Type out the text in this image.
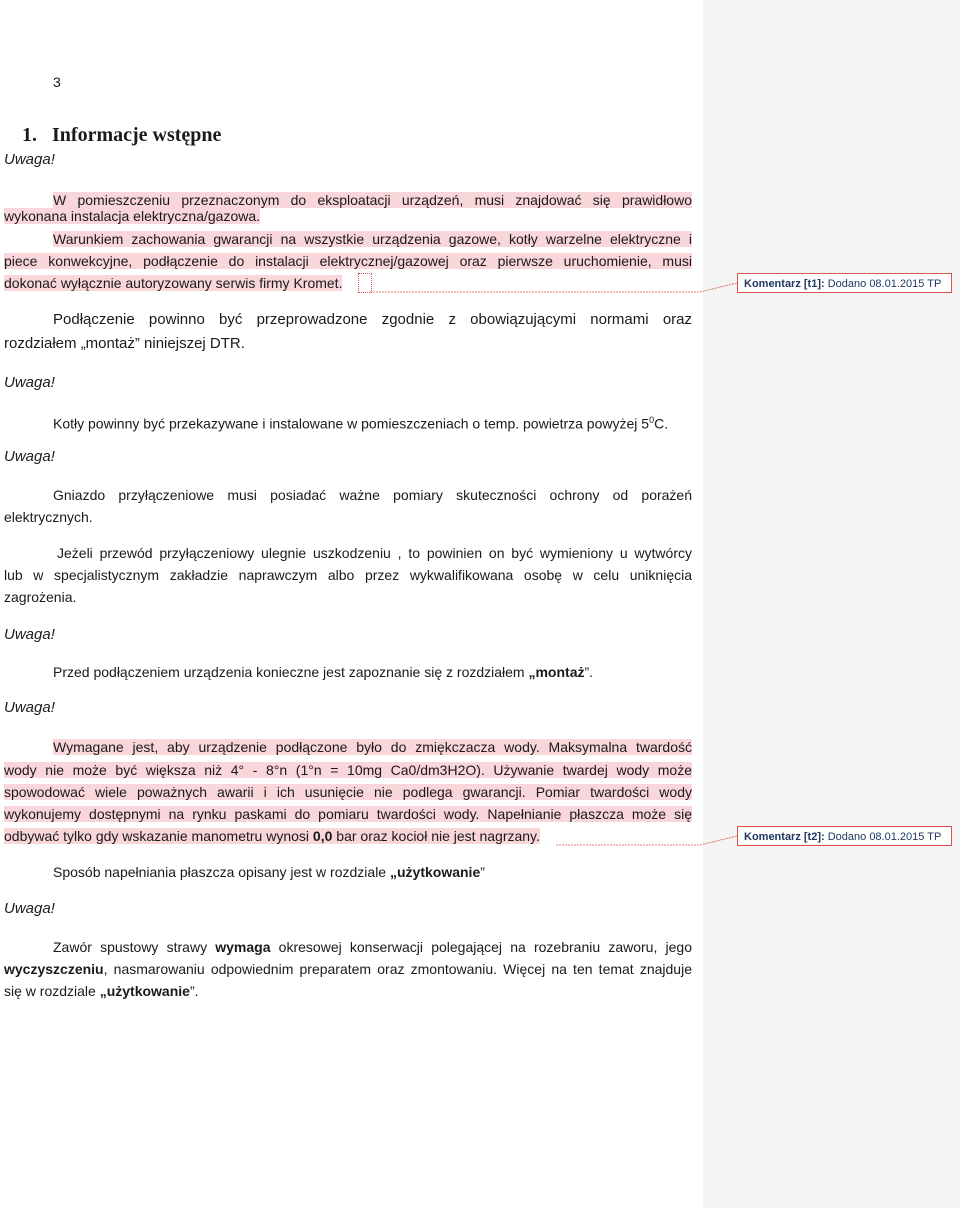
3
1.   Informacje wstępne
Uwaga!
W pomieszczeniu przeznaczonym do eksploatacji urządzeń, musi znajdować się prawidłowo
wykonana instalacja elektryczna/gazowa.
Warunkiem zachowania gwarancji na wszystkie urządzenia gazowe, kotły warzelne elektryczne i
piece konwekcyjne, podłączenie do instalacji elektrycznej/gazowej oraz pierwsze uruchomienie, musi
dokonać wyłącznie autoryzowany serwis firmy Kromet.	Komentarz [t1]: Dodano 08.01.2015 TP
Podłączenie powinno być przeprowadzone zgodnie z obowiązującymi normami oraz
rozdziałem „montaż” niniejszej DTR.
Uwaga!
Kotły powinny być przekazywane i instalowane w pomieszczeniach o temp. powietrza powyżej $5^0C$.
Uwaga!
Gniazdo przyłączeniowe musi posiadać ważne pomiary skuteczności ochrony od porażeń
elektrycznych.
Jeżeli przewód przyłączeniowy ulegnie uszkodzeniu , to powinien on być wymieniony u wytwórcy
lub w specjalistycznym zakładzie naprawczym albo przez wykwalifikowana osobę w celu uniknięcia
zagrożenia.
Uwaga!
Przed podłączeniem urządzenia konieczne jest zapoznanie się z rozdziałem „montaż”.
Uwaga!
Wymagane jest, aby urządzenie podłączone było do zmiękczacza wody. Maksymalna twardość
wody nie może być większa niż 4° - 8°n (1°n = 10mg Ca0/dm3H2O). Używanie twardej wody może
spowodować wiele poważnych awarii i ich usunięcie nie podlega gwarancji. Pomiar twardości wody
wykonujemy dostępnymi na rynku paskami do pomiaru twardości wody. Napełnianie płaszcza może się
odbywać tylko gdy wskazanie manometru wynosi 0,0 bar oraz kocioł nie jest nagrzany.	Komentarz [t2]: Dodano 08.01.2015 TP
Sposób napełniania płaszcza opisany jest w rozdziale „użytkowanie”
Uwaga!
Zawór spustowy strawy wymaga okresowej konserwacji polegającej na rozebraniu zaworu, jego
wyczyszczeniu, nasmarowaniu odpowiednim preparatem oraz zmontowaniu. Więcej na ten temat znajduje
się w rozdziale „użytkowanie”.
